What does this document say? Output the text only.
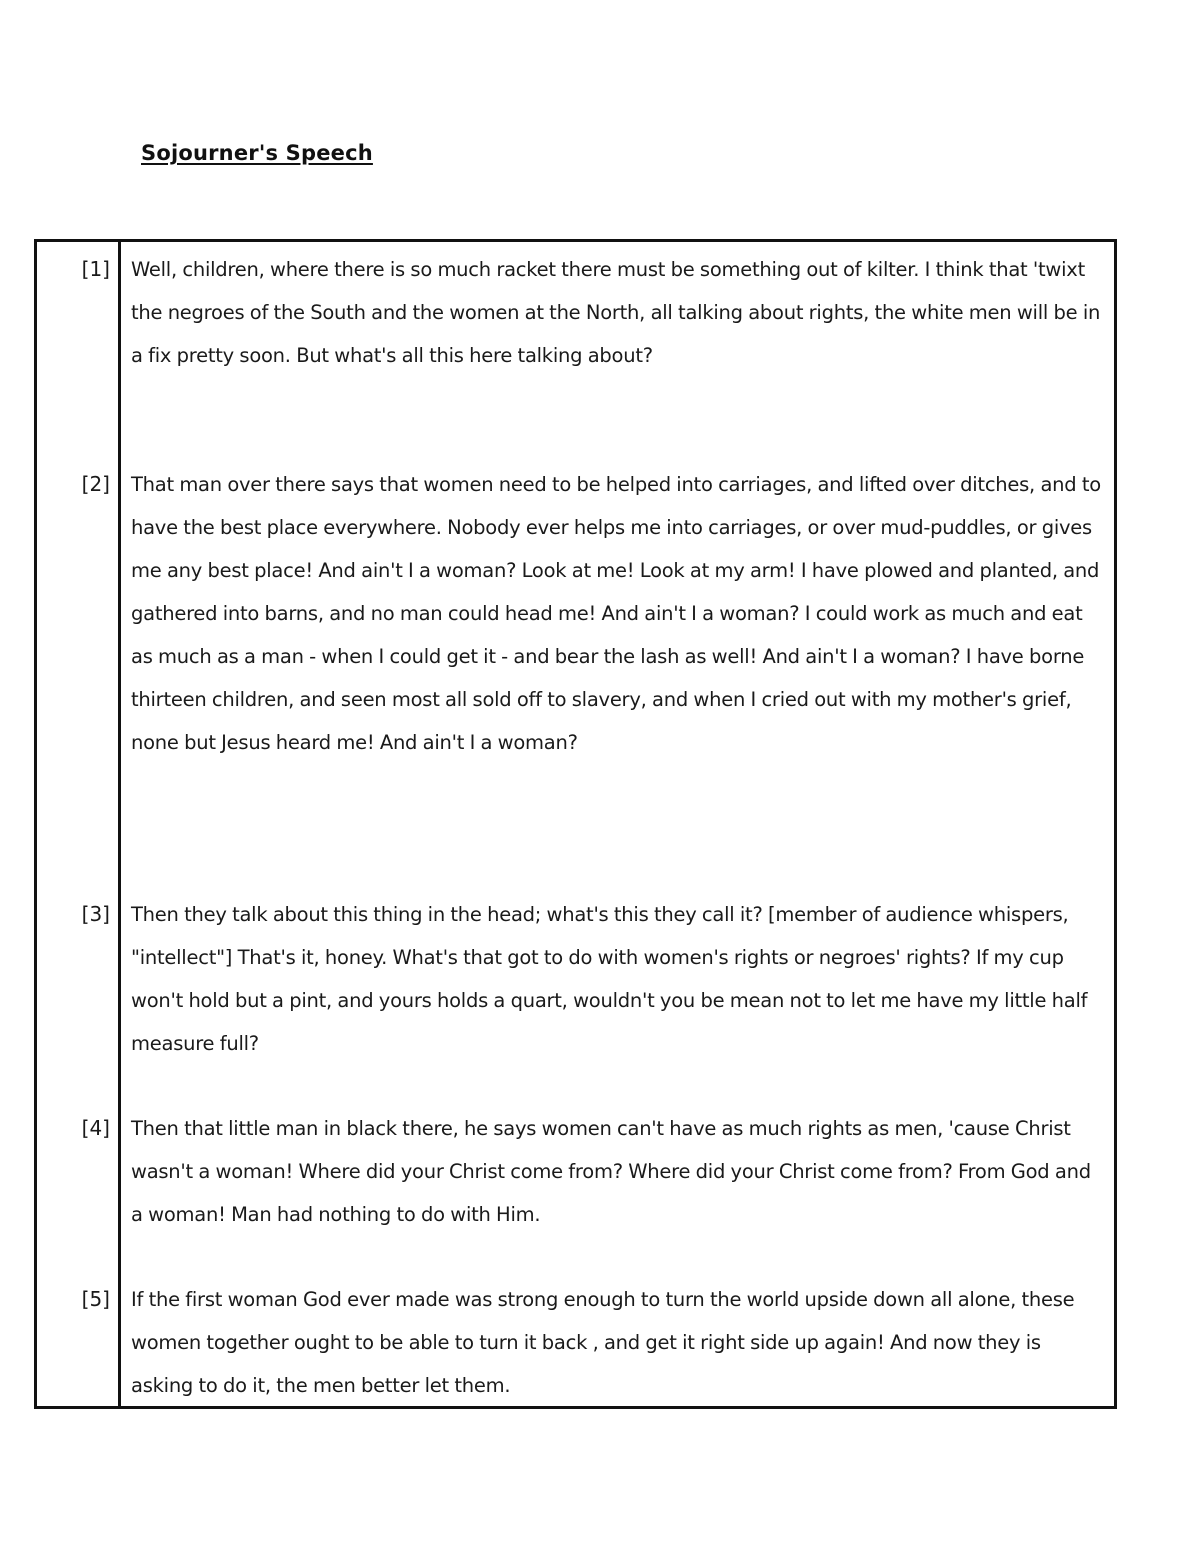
Sojourner's Speech
[1] Well, children, where there is so much racket there must be something out of kilter. I think that 'twixt the negroes of the South and the women at the North, all talking about rights, the white men will be in a fix pretty soon. But what's all this here talking about?

[2] That man over there says that women need to be helped into carriages, and lifted over ditches, and to have the best place everywhere. Nobody ever helps me into carriages, or over mud-puddles, or gives me any best place! And ain't I a woman? Look at me! Look at my arm! I have plowed and planted, and gathered into barns, and no man could head me! And ain't I a woman? I could work as much and eat as much as a man - when I could get it - and bear the lash as well! And ain't I a woman? I have borne thirteen children, and seen most all sold off to slavery, and when I cried out with my mother's grief, none but Jesus heard me! And ain't I a woman?

[3] Then they talk about this thing in the head; what's this they call it? [member of audience whispers, "intellect"] That's it, honey. What's that got to do with women's rights or negroes' rights? If my cup won't hold but a pint, and yours holds a quart, wouldn't you be mean not to let me have my little half measure full?

[4] Then that little man in black there, he says women can't have as much rights as men, 'cause Christ wasn't a woman! Where did your Christ come from? Where did your Christ come from? From God and a woman! Man had nothing to do with Him.

[5] If the first woman God ever made was strong enough to turn the world upside down all alone, these women together ought to be able to turn it back , and get it right side up again! And now they is asking to do it, the men better let them.
